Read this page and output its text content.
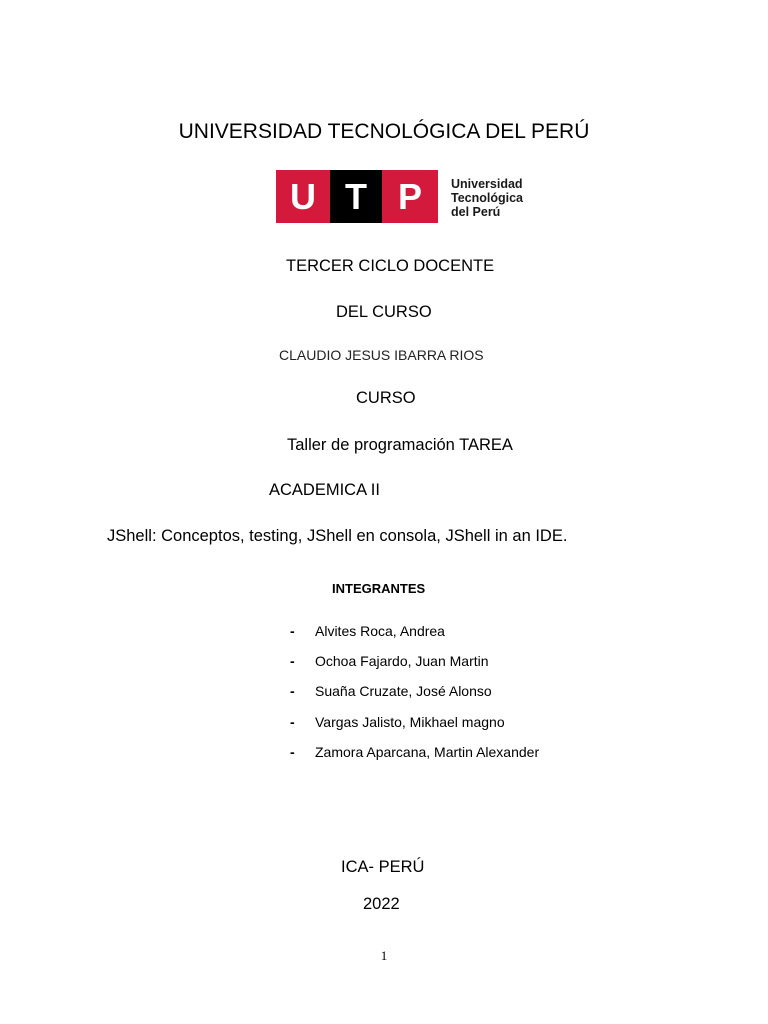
UNIVERSIDAD TECNOLÓGICA DEL PERÚ

U T P Universidad
Tecnológica
del Perú

TERCER CICLO DOCENTE

DEL CURSO

CLAUDIO JESUS IBARRA RIOS

CURSO

Taller de programación TAREA

ACADEMICA II

JShell: Conceptos, testing, JShell en consola, JShell in an IDE.

INTEGRANTES

- Alvites Roca, Andrea
- Ochoa Fajardo, Juan Martin
- Suaña Cruzate, José Alonso
- Vargas Jalisto, Mikhael magno
- Zamora Aparcana, Martin Alexander

ICA- PERÚ

2022

1
